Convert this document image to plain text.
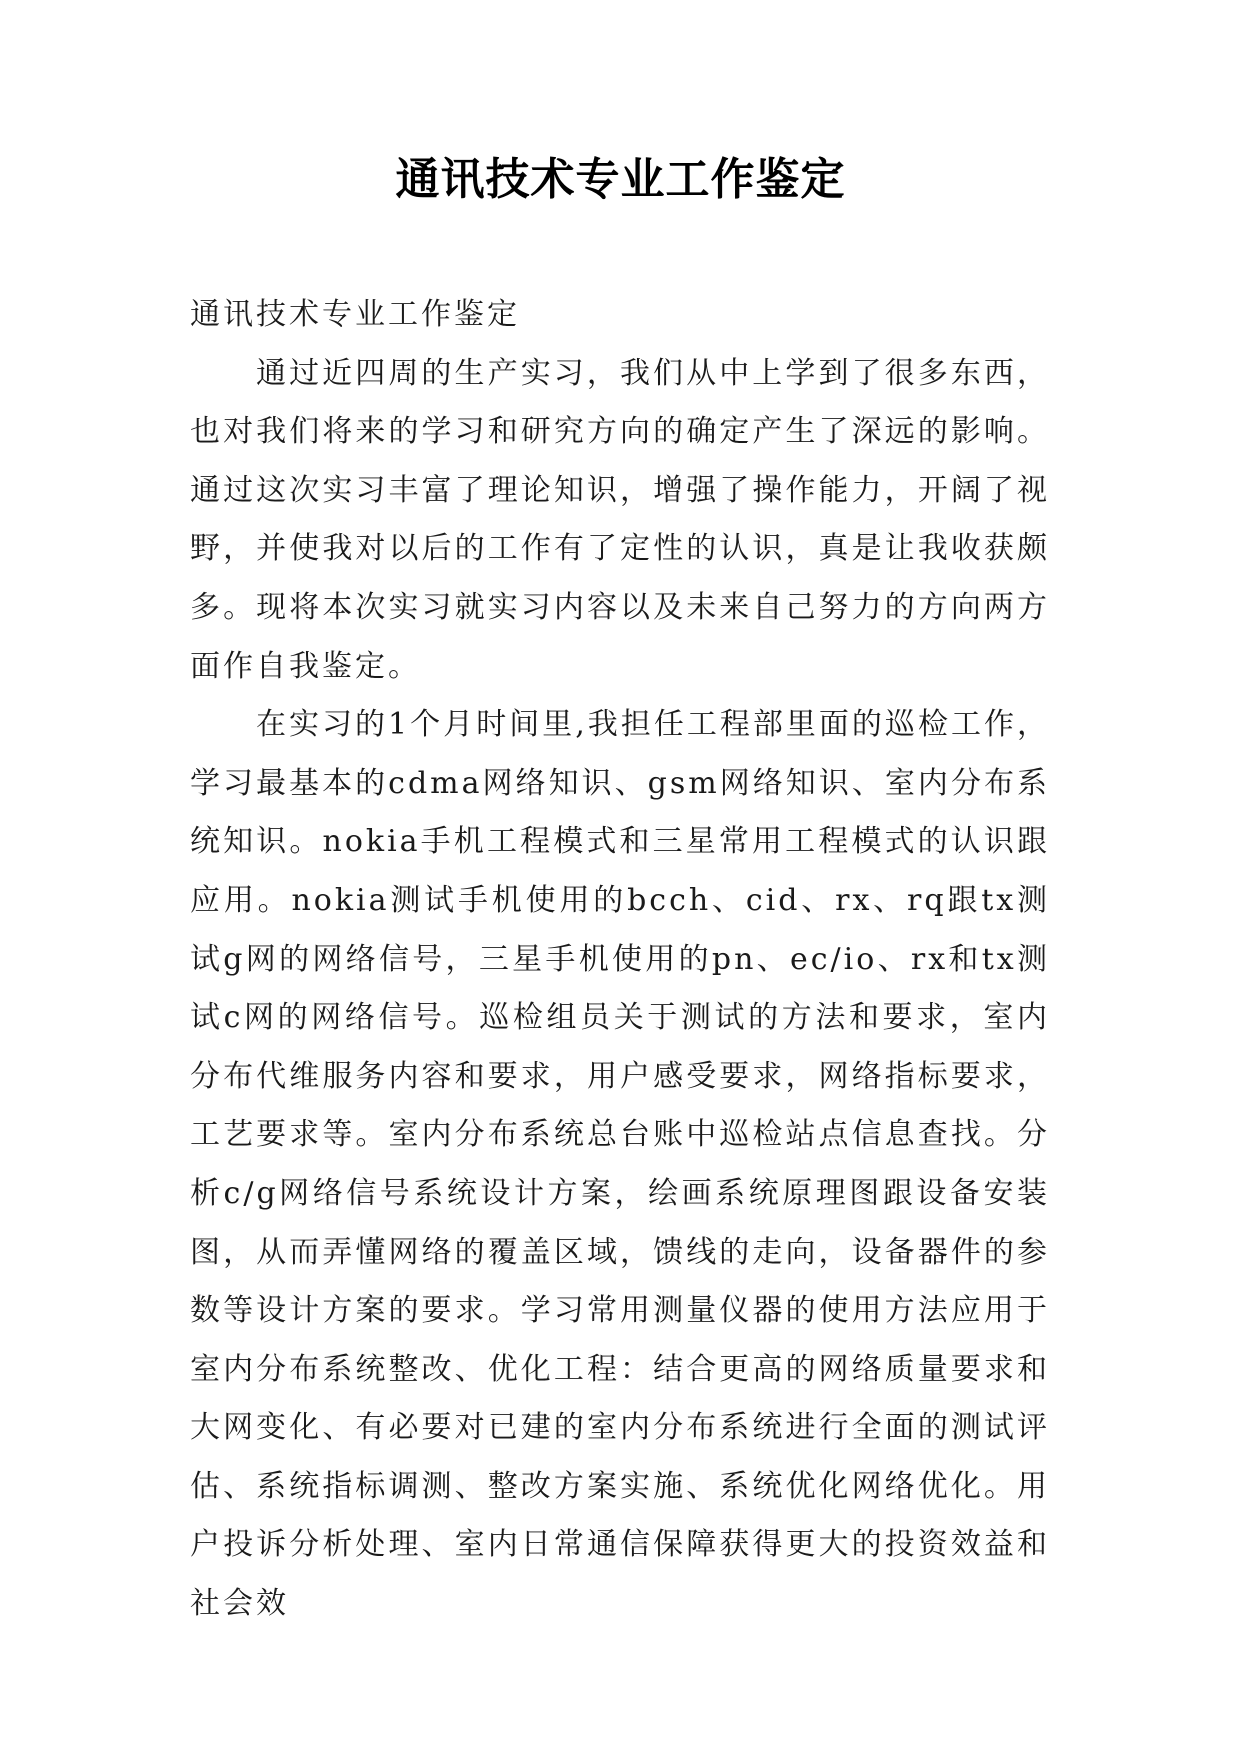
通讯技术专业工作鉴定

通讯技术专业工作鉴定

通过近四周的生产实习，我们从中上学到了很多东西，也对我们将来的学习和研究方向的确定产生了深远的影响。通过这次实习丰富了理论知识，增强了操作能力，开阔了视野，并使我对以后的工作有了定性的认识，真是让我收获颇多。现将本次实习就实习内容以及未来自己努力的方向两方面作自我鉴定。

在实习的1个月时间里,我担任工程部里面的巡检工作，学习最基本的cdma网络知识、gsm网络知识、室内分布系统知识。nokia手机工程模式和三星常用工程模式的认识跟应用。nokia测试手机使用的bcch、cid、rx、rq跟tx测试g网的网络信号，三星手机使用的pn、ec/io、rx和tx测试c网的网络信号。巡检组员关于测试的方法和要求，室内分布代维服务内容和要求，用户感受要求，网络指标要求，工艺要求等。室内分布系统总台账中巡检站点信息查找。分析c/g网络信号系统设计方案，绘画系统原理图跟设备安装图，从而弄懂网络的覆盖区域，馈线的走向，设备器件的参数等设计方案的要求。学习常用测量仪器的使用方法应用于室内分布系统整改、优化工程：结合更高的网络质量要求和大网变化、有必要对已建的室内分布系统进行全面的测试评估、系统指标调测、整改方案实施、系统优化网络优化。用户投诉分析处理、室内日常通信保障获得更大的投资效益和社会效
